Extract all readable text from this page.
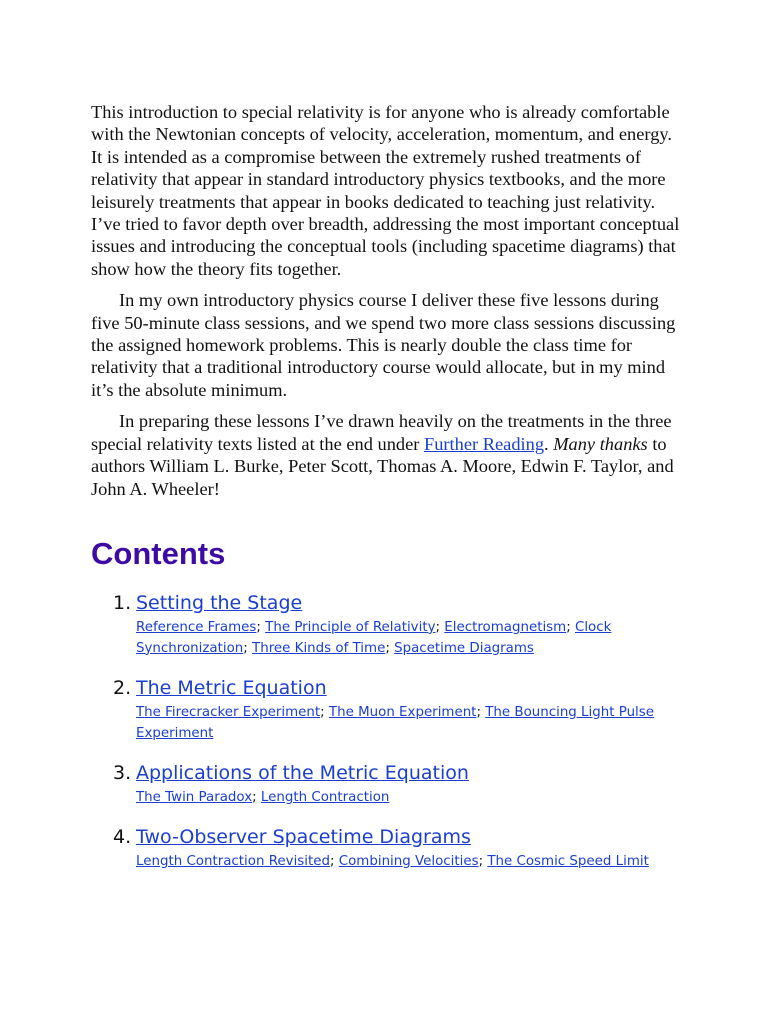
This introduction to special relativity is for anyone who is already comfortable with the Newtonian concepts of velocity, acceleration, momentum, and energy. It is intended as a compromise between the extremely rushed treatments of relativity that appear in standard introductory physics textbooks, and the more leisurely treatments that appear in books dedicated to teaching just relativity. I’ve tried to favor depth over breadth, addressing the most important conceptual issues and introducing the conceptual tools (including spacetime diagrams) that show how the theory fits together.

In my own introductory physics course I deliver these five lessons during five 50-minute class sessions, and we spend two more class sessions discussing the assigned homework problems. This is nearly double the class time for relativity that a traditional introductory course would allocate, but in my mind it’s the absolute minimum.

In preparing these lessons I’ve drawn heavily on the treatments in the three special relativity texts listed at the end under Further Reading. Many thanks to authors William L. Burke, Peter Scott, Thomas A. Moore, Edwin F. Taylor, and John A. Wheeler!

Contents
1. Setting the Stage
Reference Frames; The Principle of Relativity; Electromagnetism; Clock Synchronization; Three Kinds of Time; Spacetime Diagrams
2. The Metric Equation
The Firecracker Experiment; The Muon Experiment; The Bouncing Light Pulse Experiment
3. Applications of the Metric Equation
The Twin Paradox; Length Contraction
4. Two-Observer Spacetime Diagrams
Length Contraction Revisited; Combining Velocities; The Cosmic Speed Limit
